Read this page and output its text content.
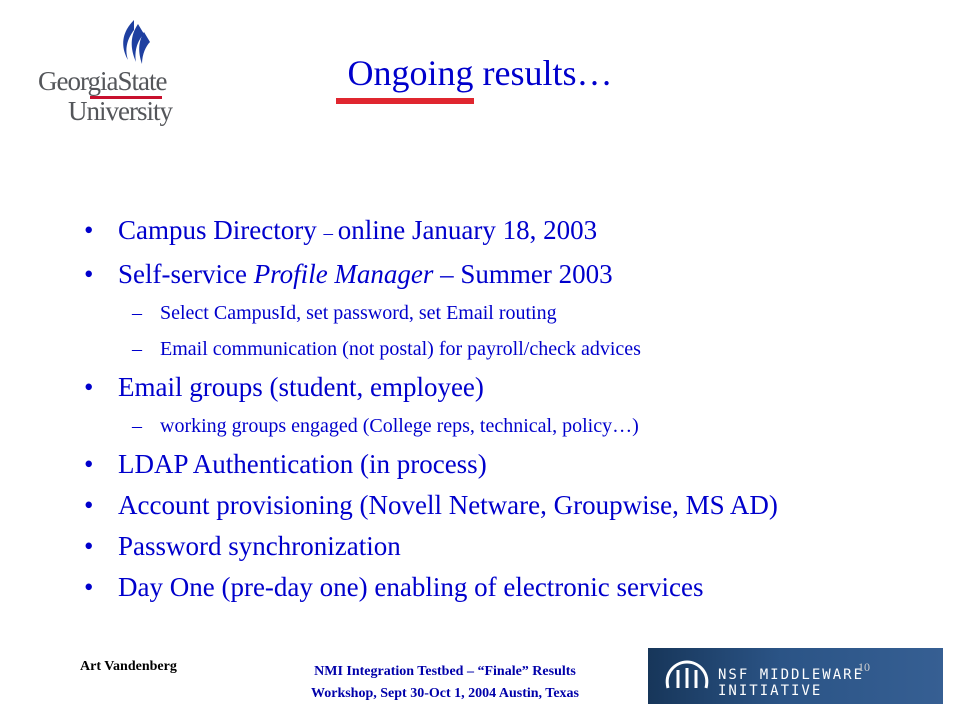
GeorgiaState
University
Ongoing results…
• Campus Directory – online January 18, 2003
• Self-service Profile Manager – Summer 2003
– Select CampusId, set password, set Email routing
– Email communication (not postal) for payroll/check advices
• Email groups (student, employee)
– working groups engaged (College reps, technical, policy…)
• LDAP Authentication (in process)
• Account provisioning (Novell Netware, Groupwise, MS AD)
• Password synchronization
• Day One (pre-day one) enabling of electronic services
Art Vandenberg	NMI Integration Testbed – “Finale” Results
Workshop, Sept 30-Oct 1, 2004 Austin, Texas
NSF MIDDLEWARE INITIATIVE
10
